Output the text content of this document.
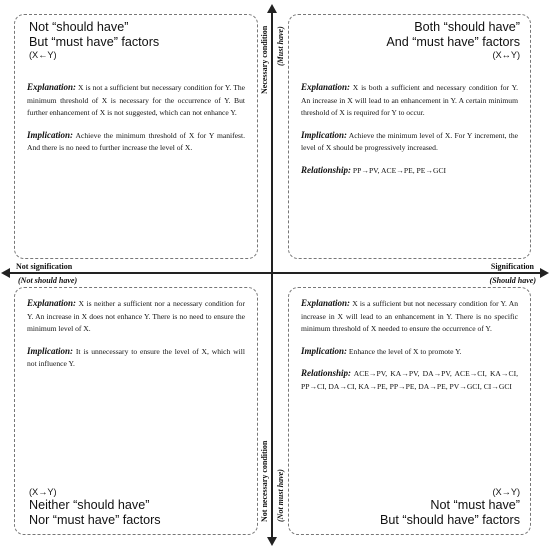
Not “should have”
But “must have” factors
(X←Y)

Explanation: X is not a sufficient but necessary condition for Y. The minimum threshold of X is necessary for the occurrence of Y. But further enhancement of X is not suggested, which can not enhance Y.

Implication: Achieve the minimum threshold of X for Y manifest. And there is no need to further increase the level of X.

Both “should have”
And “must have” factors
(X↔Y)

Explanation: X is both a sufficient and necessary condition for Y. An increase in X will lead to an enhancement in Y. A certain minimum threshold of X is required for Y to occur.

Implication: Achieve the minimum level of X. For Y increment, the level of X should be progressively increased.

Relationship: PP→PV, ACE→PE, PE→GCI

Explanation: X is neither a sufficient nor a necessary condition for Y. An increase in X does not enhance Y. There is no need to ensure the minimum level of X.

Implication: It is unnecessary to ensure the level of X, which will not influence Y.

(X→Y)
Neither “should have”
Nor “must have” factors

Explanation: X is a sufficient but not necessary condition for Y. An increase in X will lead to an enhancement in Y. There is no specific minimum threshold of X needed to ensure the occurrence of Y.

Implication: Enhance the level of X to promote Y.

Relationship: ACE→PV, KA→PV, DA→PV, ACE→CI, KA→CI, PP→CI, DA→CI, KA→PE, PP→PE, DA→PE, PV→GCI, CI→GCI

(X→Y)
Not “must have”
But “should have” factors
Not signification
(Not should have)
Signification
(Should have)
Necessary condition (Must have)
Not necessary condition (Not must have)
